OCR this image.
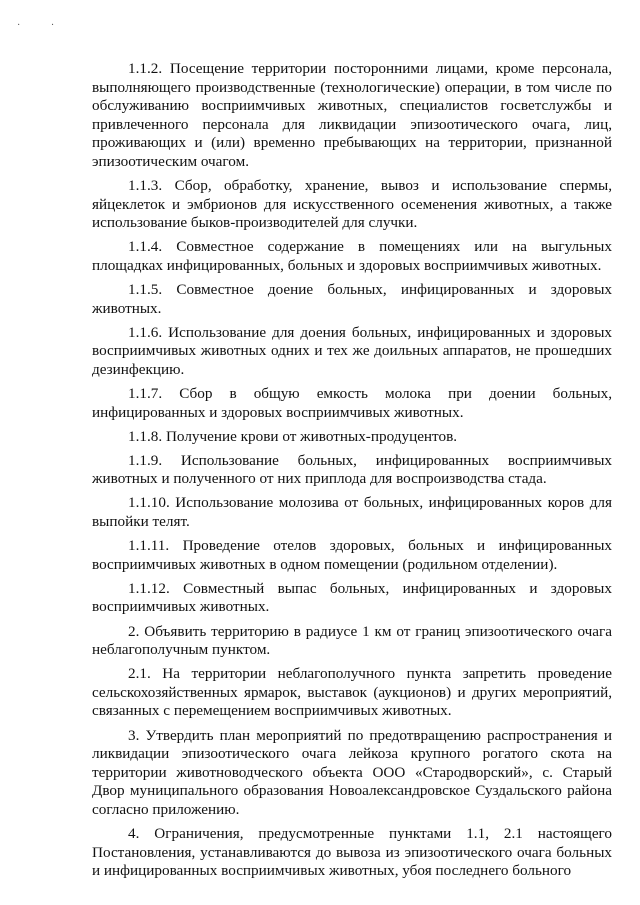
· ·

1.1.2. Посещение территории посторонними лицами, кроме персонала, выполняющего производственные (технологические) операции, в том числе по обслуживанию восприимчивых животных, специалистов госветслужбы и привлеченного персонала для ликвидации эпизоотического очага, лиц, проживающих и (или) временно пребывающих на территории, признанной эпизоотическим очагом.

1.1.3. Сбор, обработку, хранение, вывоз и использование спермы, яйцеклеток и эмбрионов для искусственного осеменения животных, а также использование быков-производителей для случки.

1.1.4. Совместное содержание в помещениях или на выгульных площадках инфицированных, больных и здоровых восприимчивых животных.

1.1.5. Совместное доение больных, инфицированных и здоровых животных.

1.1.6. Использование для доения больных, инфицированных и здоровых восприимчивых животных одних и тех же доильных аппаратов, не прошедших дезинфекцию.

1.1.7. Сбор в общую емкость молока при доении больных, инфицированных и здоровых восприимчивых животных.

1.1.8. Получение крови от животных-продуцентов.

1.1.9. Использование больных, инфицированных восприимчивых животных и полученного от них приплода для воспроизводства стада.

1.1.10. Использование молозива от больных, инфицированных коров для выпойки телят.

1.1.11. Проведение отелов здоровых, больных и инфицированных восприимчивых животных в одном помещении (родильном отделении).

1.1.12. Совместный выпас больных, инфицированных и здоровых восприимчивых животных.

2. Объявить территорию в радиусе 1 км от границ эпизоотического очага неблагополучным пунктом.

2.1. На территории неблагополучного пункта запретить проведение сельскохозяйственных ярмарок, выставок (аукционов) и других мероприятий, связанных с перемещением восприимчивых животных.

3. Утвердить план мероприятий по предотвращению распространения и ликвидации эпизоотического очага лейкоза крупного рогатого скота на территории животноводческого объекта ООО «Стародворский», с. Старый Двор муниципального образования Новоалександровское Суздальского района согласно приложению.

4. Ограничения, предусмотренные пунктами 1.1, 2.1 настоящего Постановления, устанавливаются до вывоза из эпизоотического очага больных и инфицированных восприимчивых животных, убоя последнего больного
